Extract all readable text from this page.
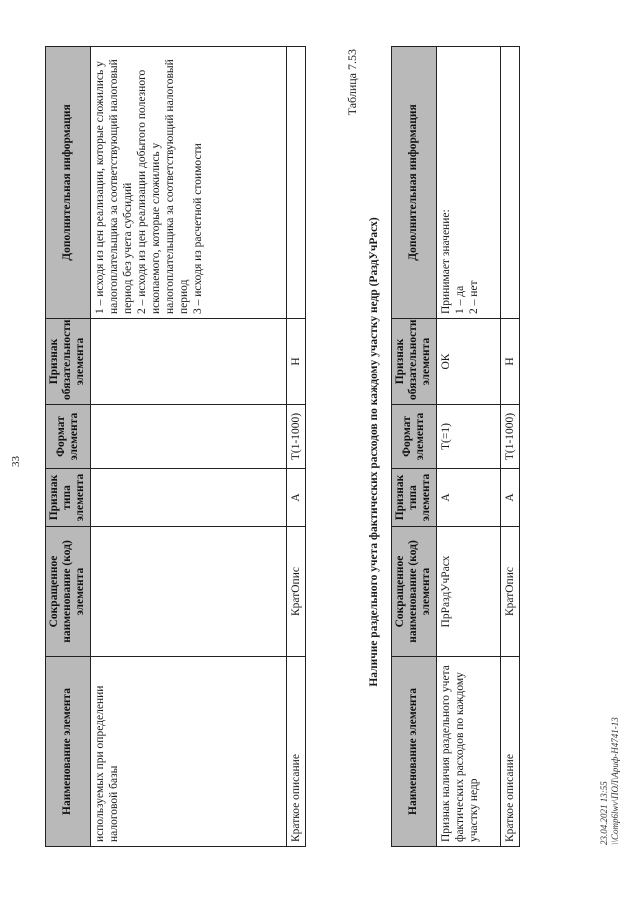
33
Наименование элемента	Сокращенное наименование (код) элемента	Признак типа элемента	Формат элемента	Признак обязательности элемента	Дополнительная информация
используемых при определении налоговой базы					1 – исходя из цен реализации, которые сложились у налогоплательщика за соответствующий налоговый период без учета субсидий 2 – исходя из цен реализации добытого полезного ископаемого, которые сложились у налогоплательщика за соответствующий налоговый период 3 – исходя из расчетной стоимости

Краткое описание	КратОпис	А	T(1-1000)	Н	
Таблица 7.53
Наличие раздельного учета фактических расходов по каждому участку недр (РаздУчРасх)
Наименование элемента	Сокращенное наименование (код) элемента	Признак типа элемента	Формат элемента	Признак обязательности элемента	Дополнительная информация
Признак наличия раздельного учета фактических расходов по каждому участку недр	ПрРаздУчРасх	А	T(=1)	ОК	Принимает значение: 1 – да 2 – нет

Краткое описание	КратОпис	А	T(1-1000)	Н	
23.04.2021 13:55 \\Comp6lwv\ПОЛ\Ариф-Н4741-13
